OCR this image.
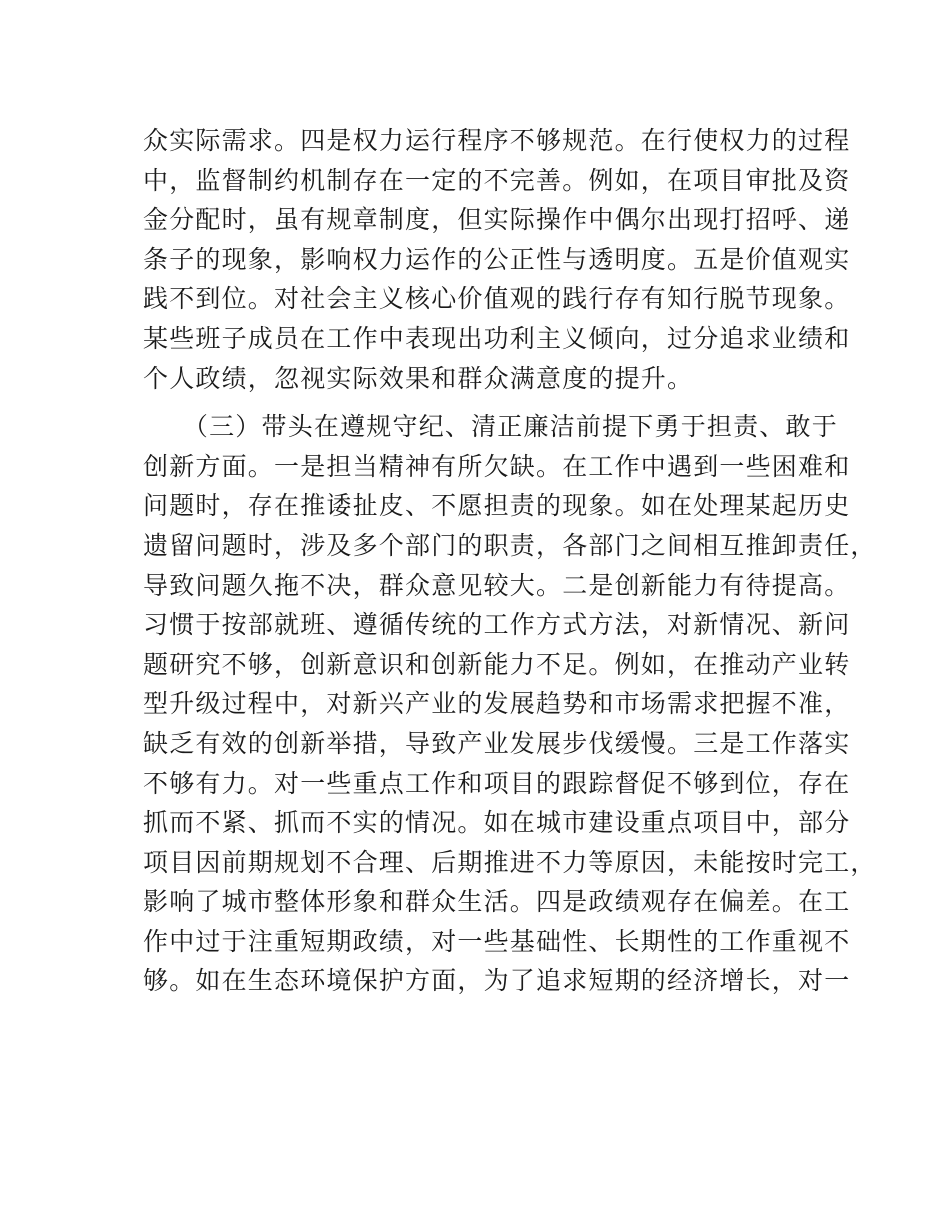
众实际需求。四是权力运行程序不够规范。在行使权力的过程
中，监督制约机制存在一定的不完善。例如，在项目审批及资
金分配时，虽有规章制度，但实际操作中偶尔出现打招呼、递
条子的现象，影响权力运作的公正性与透明度。五是价值观实
践不到位。对社会主义核心价值观的践行存有知行脱节现象。
某些班子成员在工作中表现出功利主义倾向，过分追求业绩和
个人政绩，忽视实际效果和群众满意度的提升。
　　（三）带头在遵规守纪、清正廉洁前提下勇于担责、敢于
创新方面。一是担当精神有所欠缺。在工作中遇到一些困难和
问题时，存在推诿扯皮、不愿担责的现象。如在处理某起历史
遗留问题时，涉及多个部门的职责，各部门之间相互推卸责任，
导致问题久拖不决，群众意见较大。二是创新能力有待提高。
习惯于按部就班、遵循传统的工作方式方法，对新情况、新问
题研究不够，创新意识和创新能力不足。例如，在推动产业转
型升级过程中，对新兴产业的发展趋势和市场需求把握不准，
缺乏有效的创新举措，导致产业发展步伐缓慢。三是工作落实
不够有力。对一些重点工作和项目的跟踪督促不够到位，存在
抓而不紧、抓而不实的情况。如在城市建设重点项目中，部分
项目因前期规划不合理、后期推进不力等原因，未能按时完工，
影响了城市整体形象和群众生活。四是政绩观存在偏差。在工
作中过于注重短期政绩，对一些基础性、长期性的工作重视不
够。如在生态环境保护方面，为了追求短期的经济增长，对一
